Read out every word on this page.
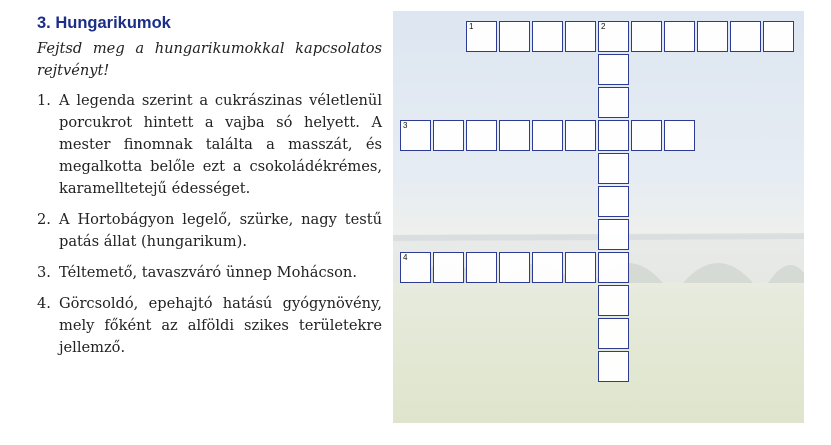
3. Hungarikumok
Fejtsd meg a hungarikumokkal kapcsolatos rejtvényt!
1. A legenda szerint a cukrászinas véletlenül porcukrot hintett a vajba só helyett. A mester finomnak találta a masszát, és megalkotta belőle ezt a csokoládékrémes, karamelltetejű édességet.
2. A Hortobágyon legelő, szürke, nagy testű patás állat (hungarikum).
3. Téltemető, tavaszváró ünnep Mohácson.
4. Görcsoldó, epehajtó hatású gyógynövény, mely főként az alföldi szikes területekre jellemző.
1	2
3
4
